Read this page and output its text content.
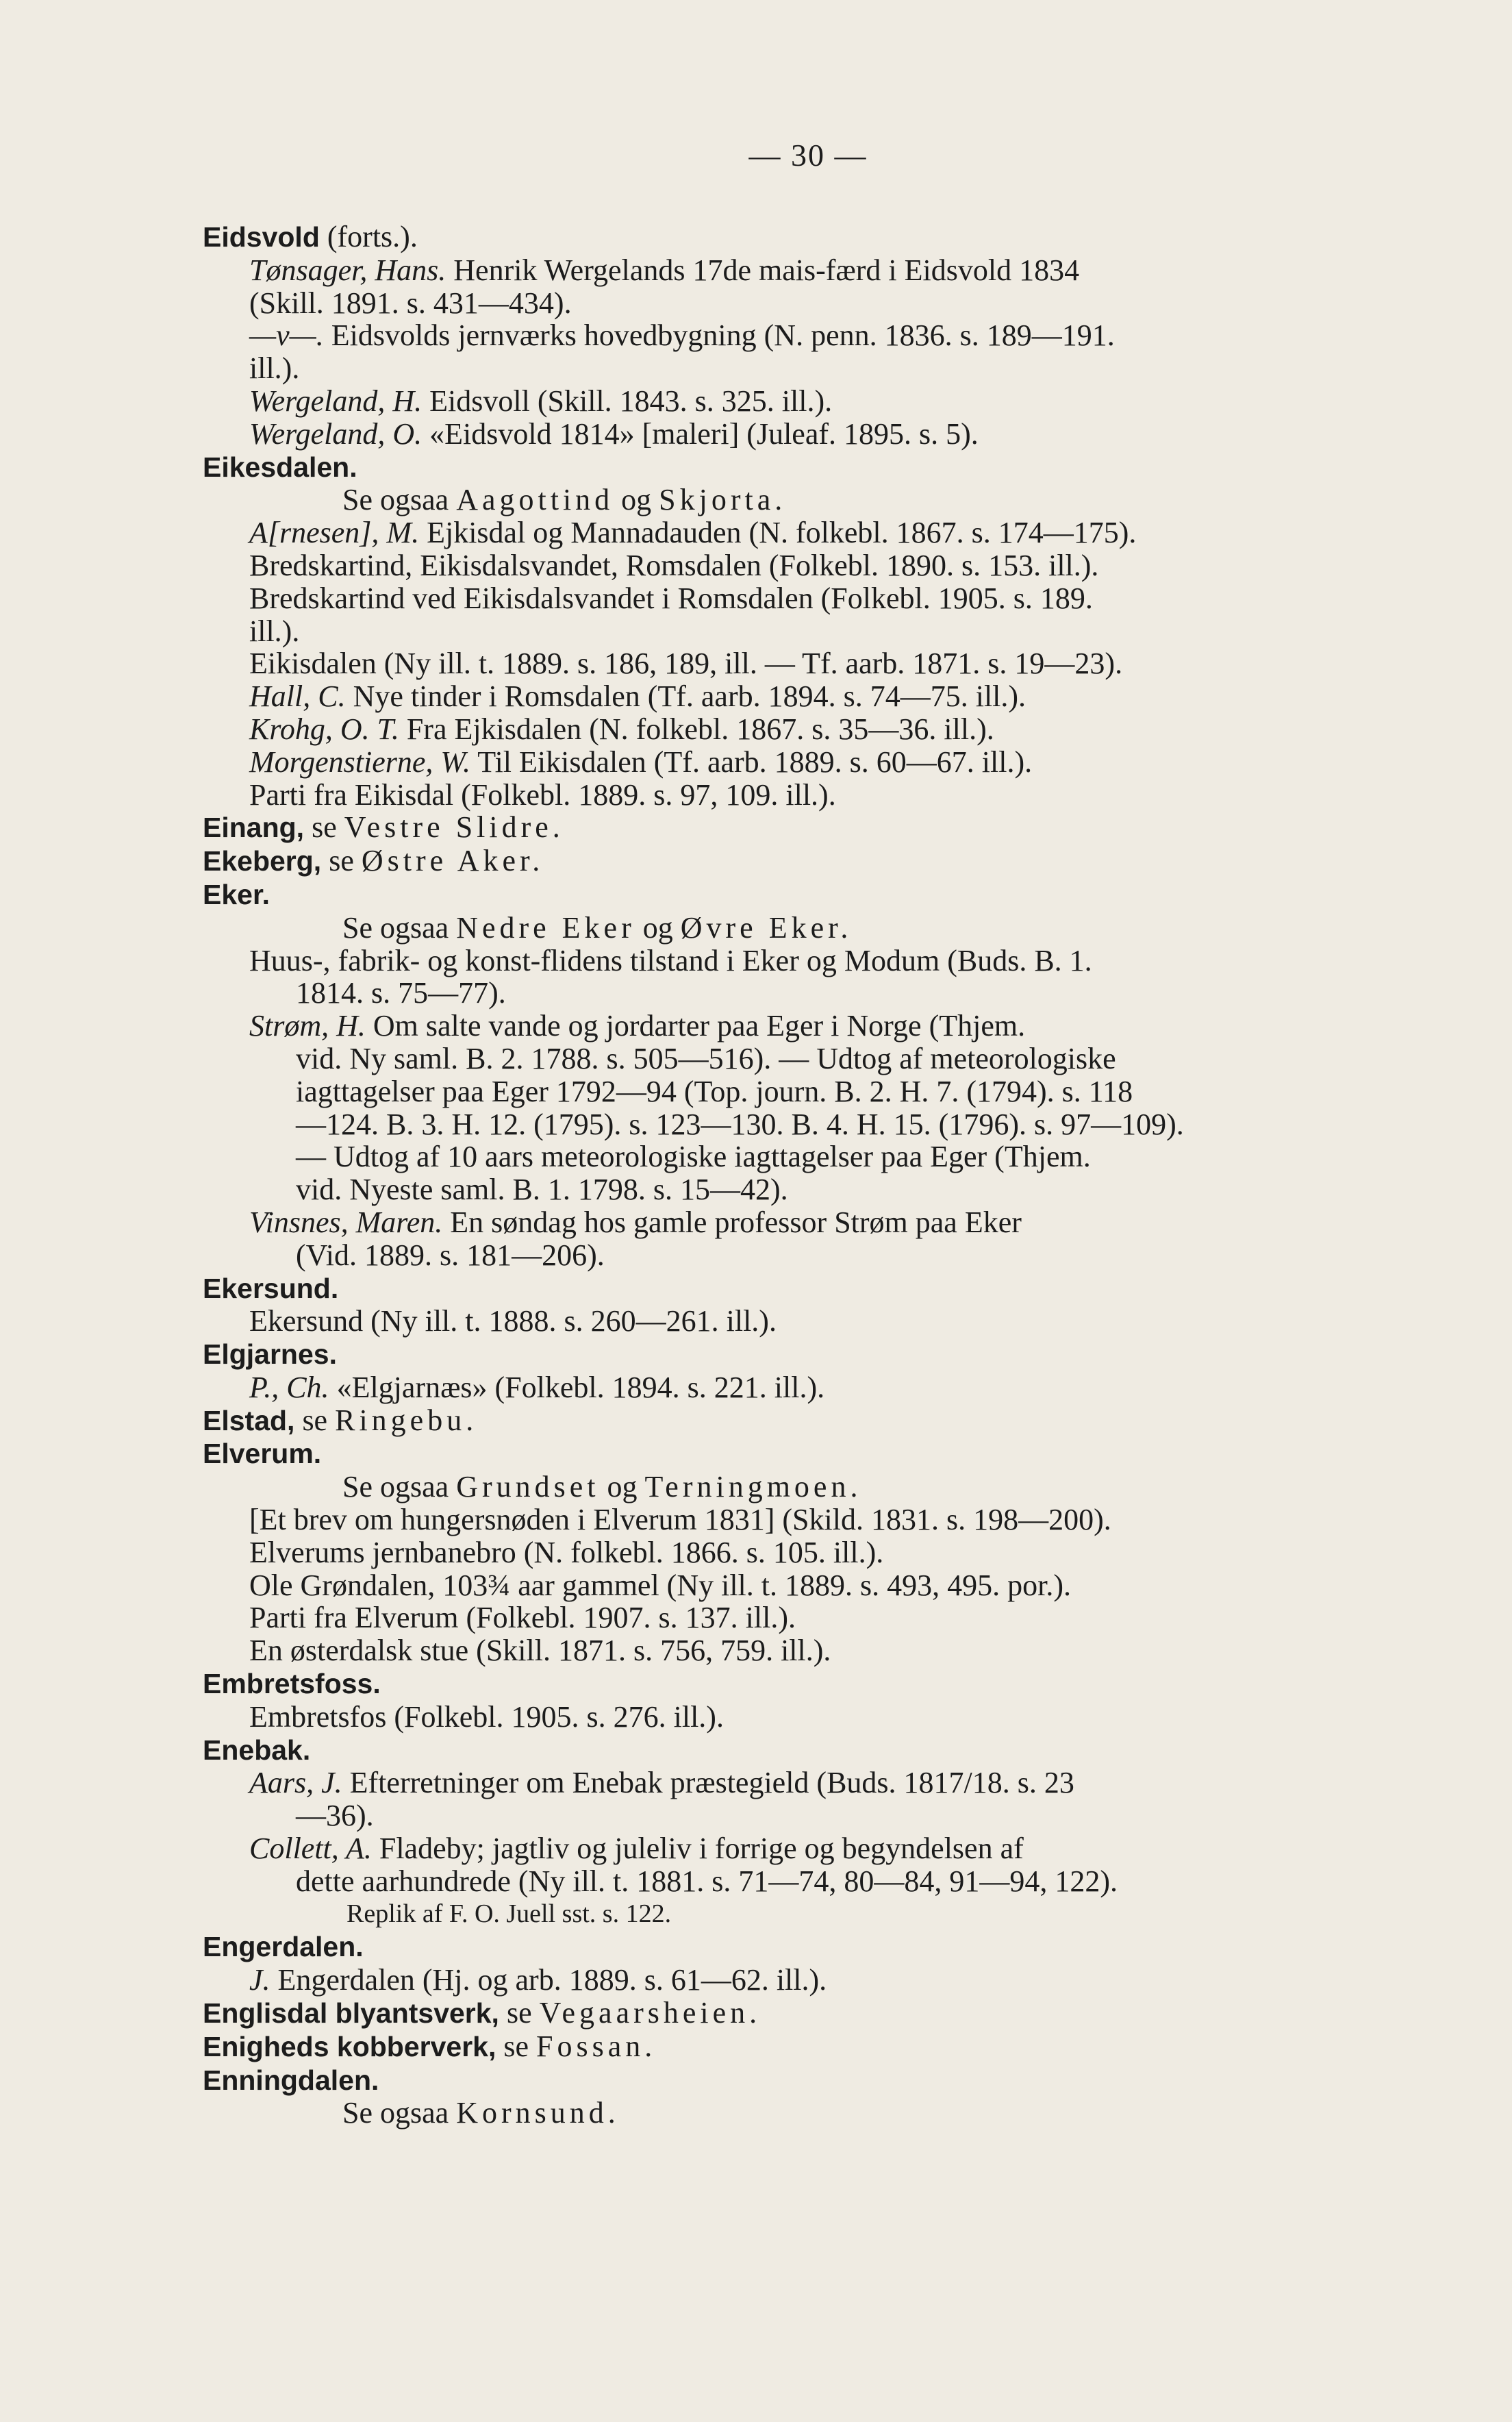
— 30 —
Eidsvold (forts.).
Tønsager, Hans. Henrik Wergelands 17de mais-færd i Eidsvold 1834
(Skill. 1891. s. 431—434).
—v—. Eidsvolds jernværks hovedbygning (N. penn. 1836. s. 189—191.
ill.).
Wergeland, H. Eidsvoll (Skill. 1843. s. 325. ill.).
Wergeland, O. «Eidsvold 1814» [maleri] (Juleaf. 1895. s. 5).
Eikesdalen.
Se ogsaa Aagottind og Skjorta.
A[rnesen], M. Ejkisdal og Mannadauden (N. folkebl. 1867. s. 174—175).
Bredskartind, Eikisdalsvandet, Romsdalen (Folkebl. 1890. s. 153. ill.).
Bredskartind ved Eikisdalsvandet i Romsdalen (Folkebl. 1905. s. 189.
ill.).
Eikisdalen (Ny ill. t. 1889. s. 186, 189, ill. — Tf. aarb. 1871. s. 19—23).
Hall, C. Nye tinder i Romsdalen (Tf. aarb. 1894. s. 74—75. ill.).
Krohg, O. T. Fra Ejkisdalen (N. folkebl. 1867. s. 35—36. ill.).
Morgenstierne, W. Til Eikisdalen (Tf. aarb. 1889. s. 60—67. ill.).
Parti fra Eikisdal (Folkebl. 1889. s. 97, 109. ill.).
Einang, se Vestre Slidre.
Ekeberg, se Østre Aker.
Eker.
Se ogsaa Nedre Eker og Øvre Eker.
Huus-, fabrik- og konst-flidens tilstand i Eker og Modum (Buds. B. 1.
1814. s. 75—77).
Strøm, H. Om salte vande og jordarter paa Eger i Norge (Thjem.
vid. Ny saml. B. 2. 1788. s. 505—516). — Udtog af meteorologiske
iagttagelser paa Eger 1792—94 (Top. journ. B. 2. H. 7. (1794). s. 118
—124. B. 3. H. 12. (1795). s. 123—130. B. 4. H. 15. (1796). s. 97—109).
— Udtog af 10 aars meteorologiske iagttagelser paa Eger (Thjem.
vid. Nyeste saml. B. 1. 1798. s. 15—42).
Vinsnes, Maren. En søndag hos gamle professor Strøm paa Eker
(Vid. 1889. s. 181—206).
Ekersund.
Ekersund (Ny ill. t. 1888. s. 260—261. ill.).
Elgjarnes.
P., Ch. «Elgjarnæs» (Folkebl. 1894. s. 221. ill.).
Elstad, se Ringebu.
Elverum.
Se ogsaa Grundset og Terningmoen.
[Et brev om hungersnøden i Elverum 1831] (Skild. 1831. s. 198—200).
Elverums jernbanebro (N. folkebl. 1866. s. 105. ill.).
Ole Grøndalen, 103¾ aar gammel (Ny ill. t. 1889. s. 493, 495. por.).
Parti fra Elverum (Folkebl. 1907. s. 137. ill.).
En østerdalsk stue (Skill. 1871. s. 756, 759. ill.).
Embretsfoss.
Embretsfos (Folkebl. 1905. s. 276. ill.).
Enebak.
Aars, J. Efterretninger om Enebak præstegield (Buds. 1817/18. s. 23
—36).
Collett, A. Fladeby; jagtliv og juleliv i forrige og begyndelsen af
dette aarhundrede (Ny ill. t. 1881. s. 71—74, 80—84, 91—94, 122).
Replik af F. O. Juell sst. s. 122.
Engerdalen.
J. Engerdalen (Hj. og arb. 1889. s. 61—62. ill.).
Englisdal blyantsverk, se Vegaarsheien.
Enigheds kobberverk, se Fossan.
Enningdalen.
Se ogsaa Kornsund.
